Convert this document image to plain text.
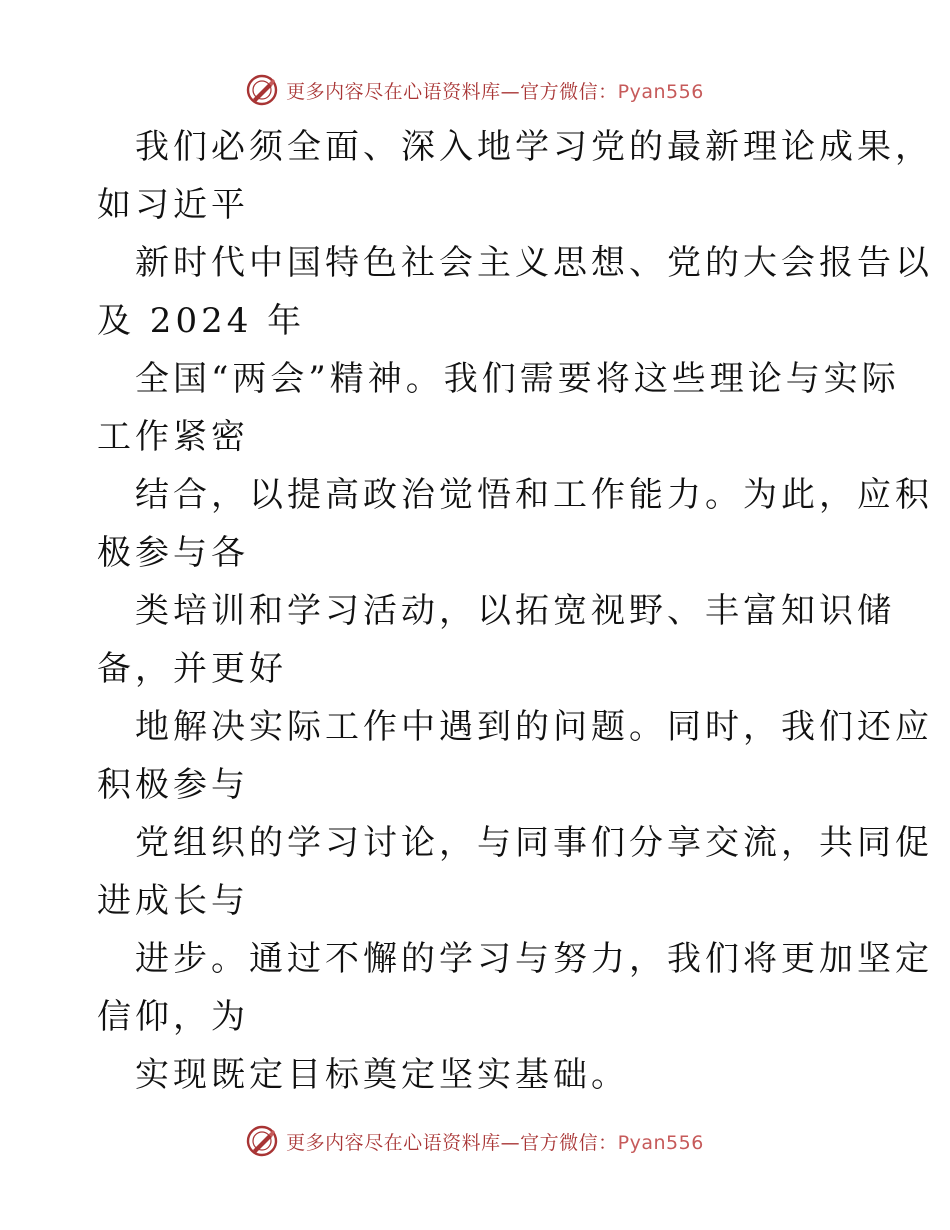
更多内容尽在心语资料库—官方微信：Pyan556
我们必须全面、深入地学习党的最新理论成果，
如习近平
新时代中国特色社会主义思想、党的大会报告以
及 2024 年
全国“两会”精神。我们需要将这些理论与实际
工作紧密
结合，以提高政治觉悟和工作能力。为此，应积
极参与各
类培训和学习活动，以拓宽视野、丰富知识储
备，并更好
地解决实际工作中遇到的问题。同时，我们还应
积极参与
党组织的学习讨论，与同事们分享交流，共同促
进成长与
进步。通过不懈的学习与努力，我们将更加坚定
信仰，为
实现既定目标奠定坚实基础。
更多内容尽在心语资料库—官方微信：Pyan556
